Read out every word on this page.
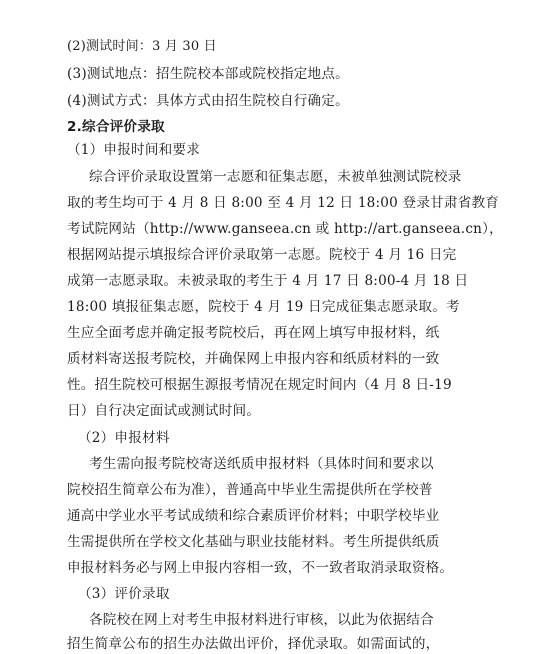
(2)测试时间：3 月 30 日
(3)测试地点：招生院校本部或院校指定地点。
(4)测试方式：具体方式由招生院校自行确定。
2.综合评价录取
（1）申报时间和要求
综合评价录取设置第一志愿和征集志愿，未被单独测试院校录
取的考生均可于 4 月 8 日 8:00 至 4 月 12 日 18:00 登录甘肃省教育
考试院网站（http://www.ganseea.cn 或 http://art.ganseea.cn），
根据网站提示填报综合评价录取第一志愿。院校于 4 月 16 日完
成第一志愿录取。未被录取的考生于 4 月 17 日 8:00-4 月 18 日
18:00 填报征集志愿，院校于 4 月 19 日完成征集志愿录取。考
生应全面考虑并确定报考院校后，再在网上填写申报材料，纸
质材料寄送报考院校，并确保网上申报内容和纸质材料的一致
性。招生院校可根据生源报考情况在规定时间内（4 月 8 日-19
日）自行决定面试或测试时间。
（2）申报材料
考生需向报考院校寄送纸质申报材料（具体时间和要求以
院校招生简章公布为准），普通高中毕业生需提供所在学校普
通高中学业水平考试成绩和综合素质评价材料；中职学校毕业
生需提供所在学校文化基础与职业技能材料。考生所提供纸质
申报材料务必与网上申报内容相一致，不一致者取消录取资格。
（3）评价录取
各院校在网上对考生申报材料进行审核，以此为依据结合
招生简章公布的招生办法做出评价，择优录取。如需面试的，
